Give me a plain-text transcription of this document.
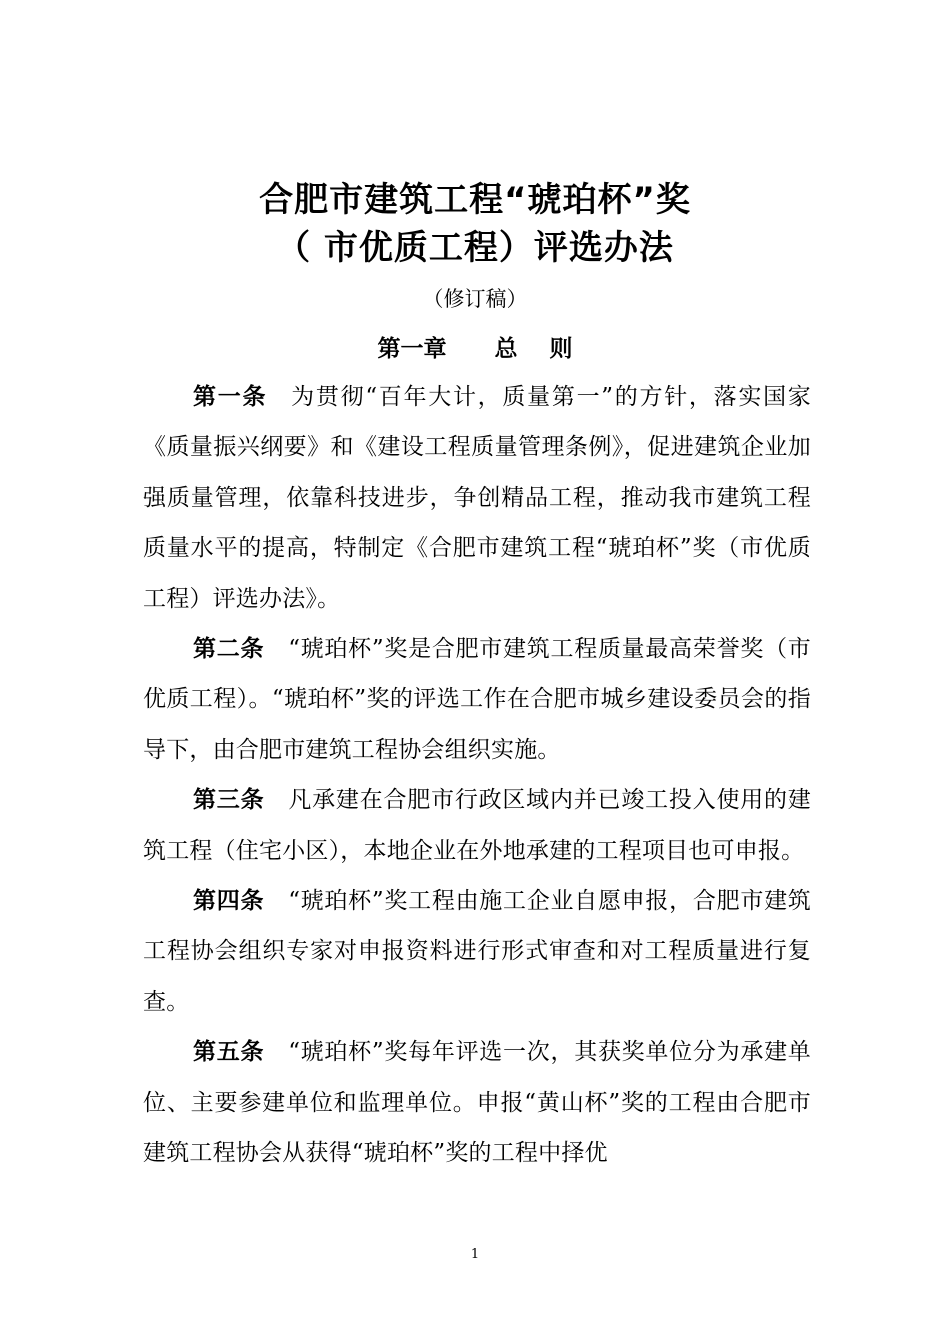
合肥市建筑工程“琥珀杯”奖
（ 市优质工程）评选办法
（修订稿）
第一章      总    则

第一条 为贯彻“百年大计，质量第一”的方针，落实国家《质量振兴纲要》和《建设工程质量管理条例》，促进建筑企业加强质量管理，依靠科技进步，争创精品工程，推动我市建筑工程质量水平的提高，特制定《合肥市建筑工程“琥珀杯”奖（市优质工程）评选办法》。

第二条 “琥珀杯”奖是合肥市建筑工程质量最高荣誉奖（市优质工程）。“琥珀杯”奖的评选工作在合肥市城乡建设委员会的指导下，由合肥市建筑工程协会组织实施。

第三条 凡承建在合肥市行政区域内并已竣工投入使用的建筑工程（住宅小区），本地企业在外地承建的工程项目也可申报。

第四条 “琥珀杯”奖工程由施工企业自愿申报，合肥市建筑工程协会组织专家对申报资料进行形式审查和对工程质量进行复查。

第五条 “琥珀杯”奖每年评选一次，其获奖单位分为承建单位、主要参建单位和监理单位。申报“黄山杯”奖的工程由合肥市建筑工程协会从获得“琥珀杯”奖的工程中择优

1
